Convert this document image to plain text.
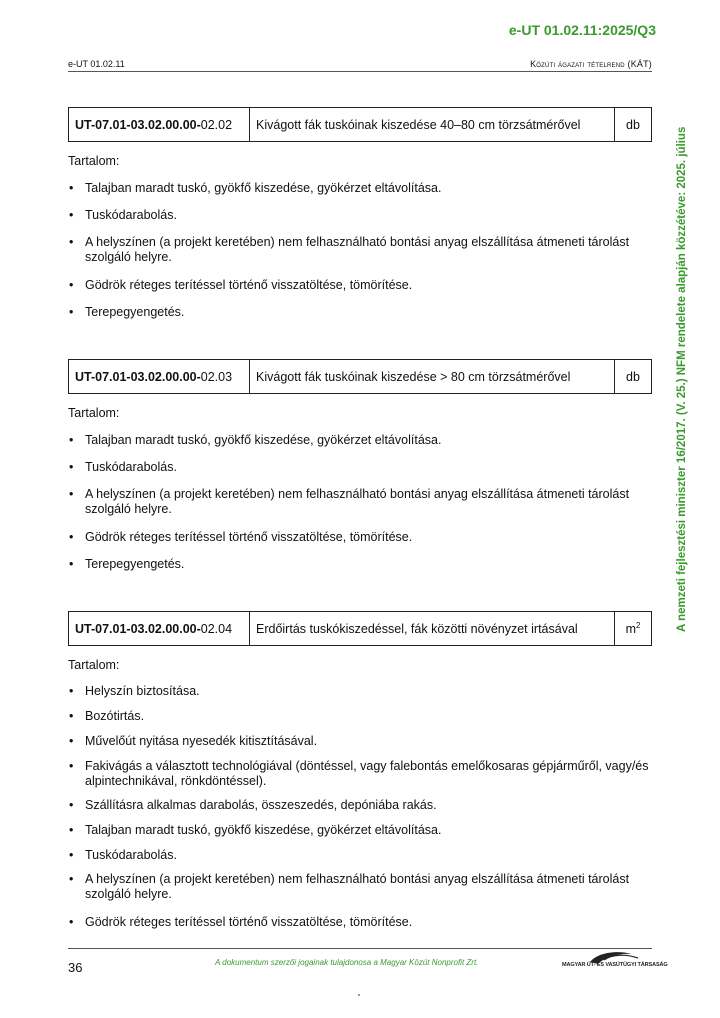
e-UT 01.02.11:2025/Q3
e-UT 01.02.11	Közúti ágazati tételrend (KÁT)
A nemzeti fejlesztési miniszter 16/2017. (V. 25.) NFM rendelete alapján közzétéve: 2025. július
UT-07.01-03.02.00.00-02.02	Kivágott fák tuskóinak kiszedése 40–80 cm törzsátmérővel	db
Tartalom:
• Talajban maradt tuskó, gyökfő kiszedése, gyökérzet eltávolítása.
• Tuskódarabolás.
• A helyszínen (a projekt keretében) nem felhasználható bontási anyag elszállítása átmeneti tárolást szolgáló helyre.
• Gödrök réteges terítéssel történő visszatöltése, tömörítése.
• Terepegyengetés.
UT-07.01-03.02.00.00-02.03	Kivágott fák tuskóinak kiszedése > 80 cm törzsátmérővel	db
Tartalom:
• Talajban maradt tuskó, gyökfő kiszedése, gyökérzet eltávolítása.
• Tuskódarabolás.
• A helyszínen (a projekt keretében) nem felhasználható bontási anyag elszállítása átmeneti tárolást szolgáló helyre.
• Gödrök réteges terítéssel történő visszatöltése, tömörítése.
• Terepegyengetés.
UT-07.01-03.02.00.00-02.04	Erdőirtás tuskókiszedéssel, fák közötti növényzet irtásával	$m^2$
Tartalom:
• Helyszín biztosítása.
• Bozótirtás.
• Művelőút nyitása nyesedék kitisztításával.
• Fakivágás a választott technológiával (döntéssel, vagy falebontás emelőkosaras gépjárműről, vagy/és alpintechnikával, rönkdöntéssel).
• Szállításra alkalmas darabolás, összeszedés, depóniába rakás.
• Talajban maradt tuskó, gyökfő kiszedése, gyökérzet eltávolítása.
• Tuskódarabolás.
• A helyszínen (a projekt keretében) nem felhasználható bontási anyag elszállítása átmeneti tárolást szolgáló helyre.
• Gödrök réteges terítéssel történő visszatöltése, tömörítése.
36	A dokumentum szerzői jogainak tulajdonosa a Magyar Közút Nonprofit Zrt.	MAGYAR ÚT- ÉS VASÚTÜGYI TÁRSASÁG
